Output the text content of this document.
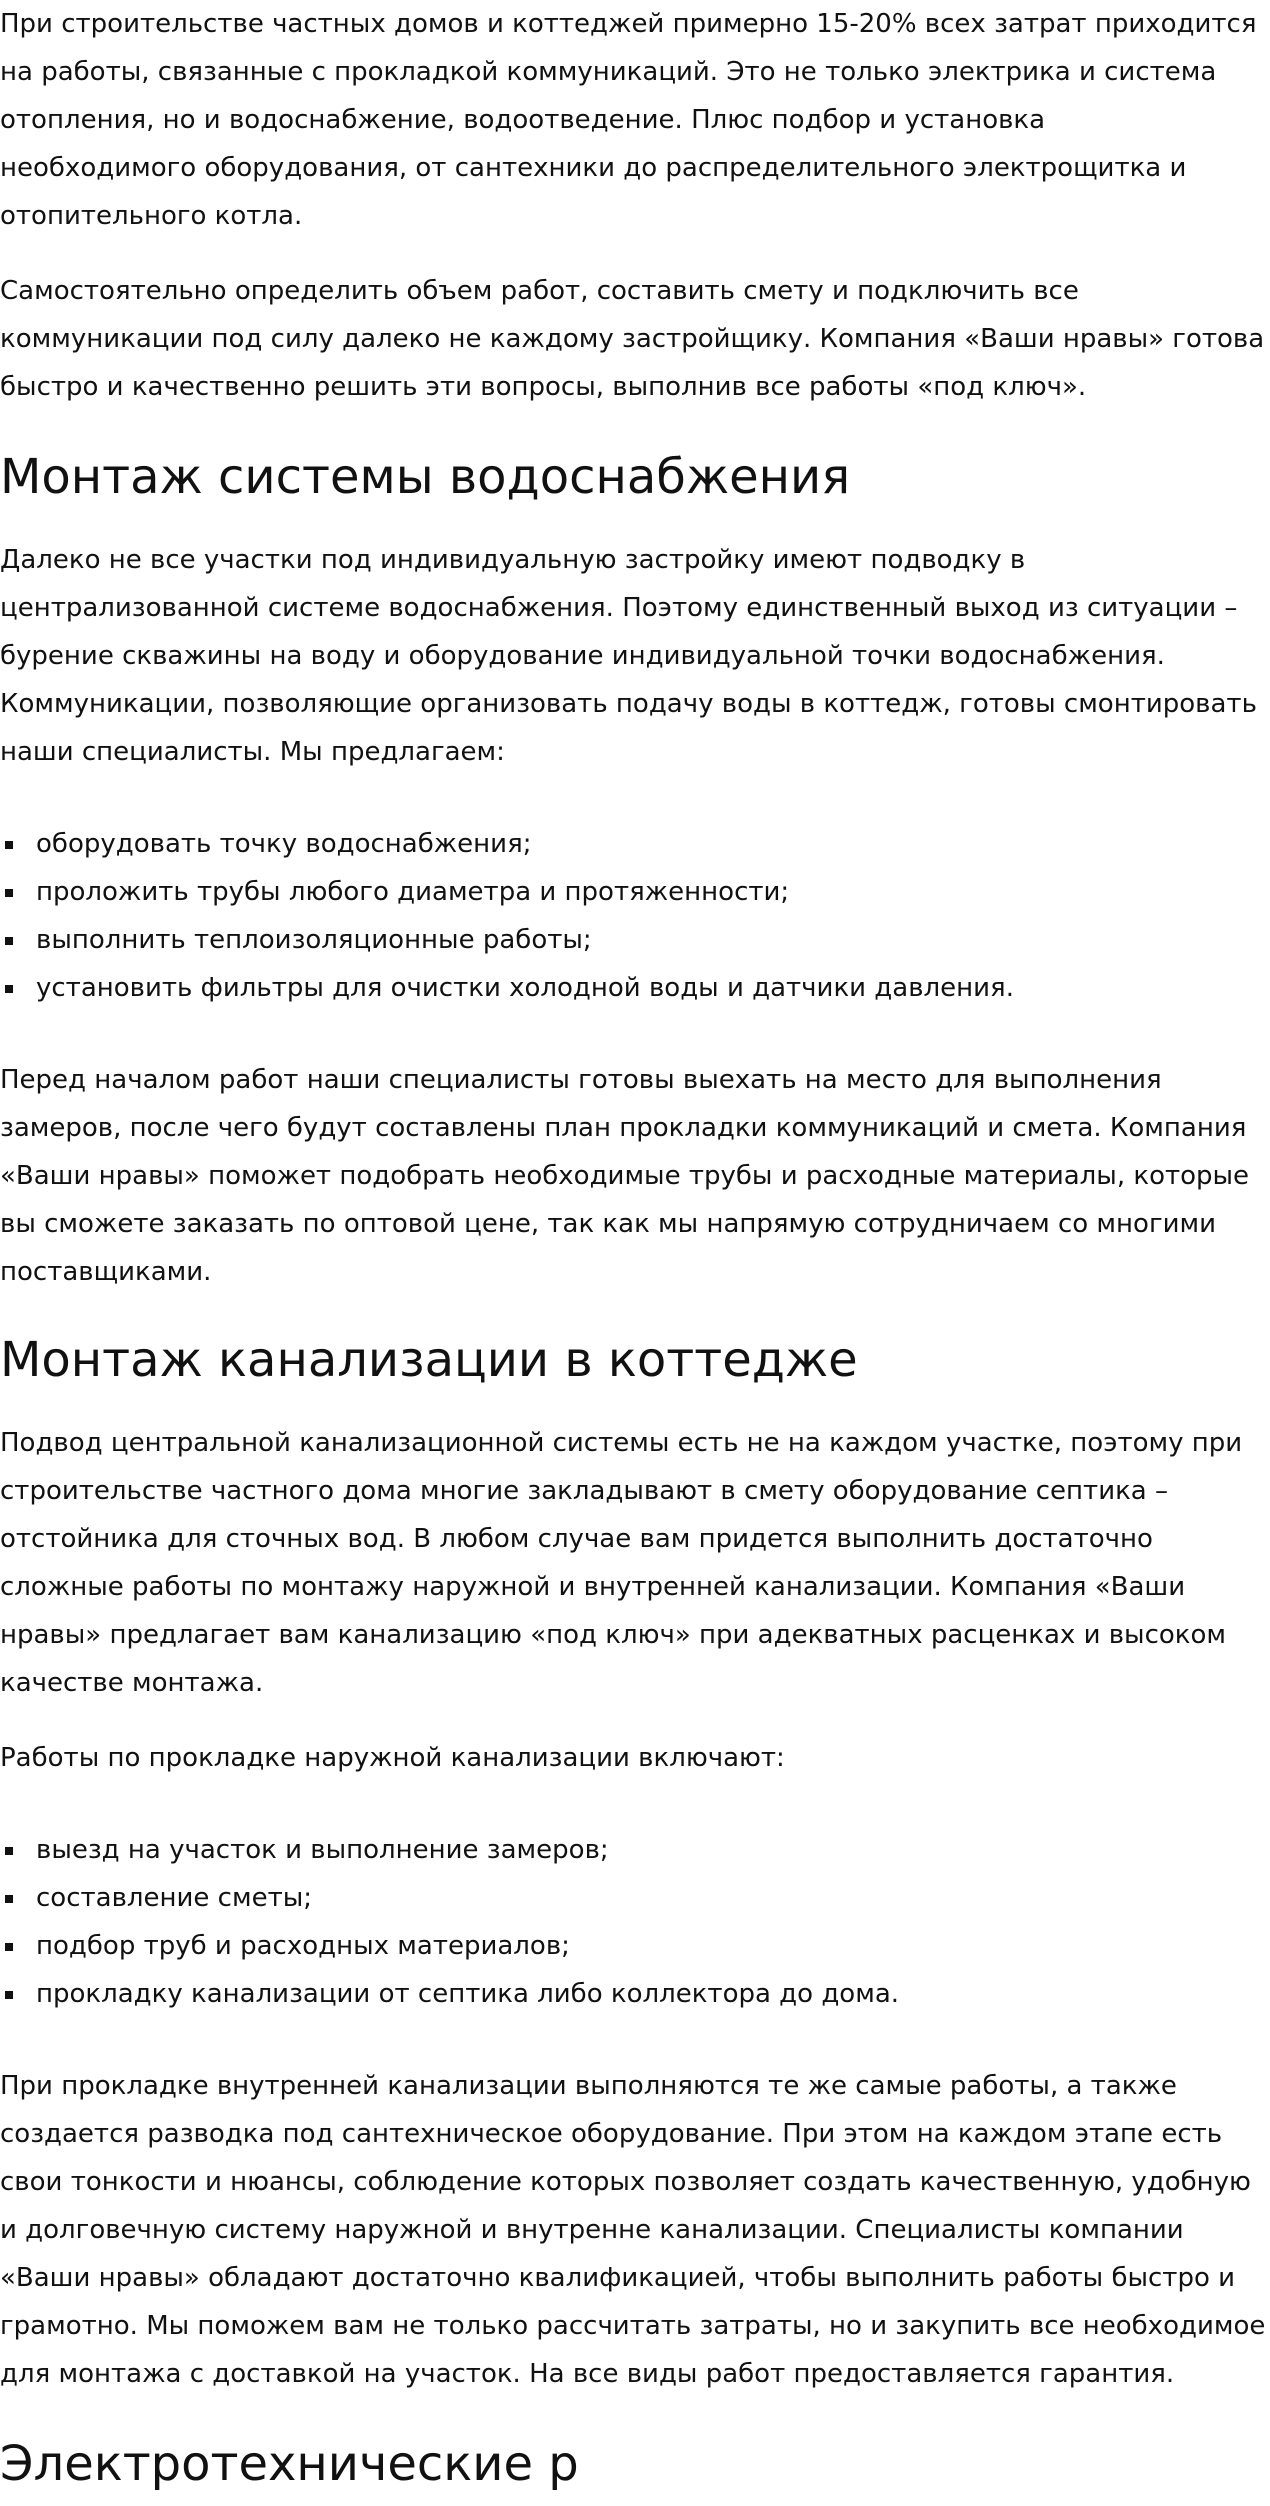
При строительстве частных домов и коттеджей примерно 15-20% всех затрат приходится
на работы, связанные с прокладкой коммуникаций. Это не только электрика и система
отопления, но и водоснабжение, водоотведение. Плюс подбор и установка
необходимого оборудования, от сантехники до распределительного электрощитка и
отопительного котла.

Самостоятельно определить объем работ, составить смету и подключить все
коммуникации под силу далеко не каждому застройщику. Компания «Ваши нравы» готова
быстро и качественно решить эти вопросы, выполнив все работы «под ключ».

Монтаж системы водоснабжения

Далеко не все участки под индивидуальную застройку имеют подводку в
централизованной системе водоснабжения. Поэтому единственный выход из ситуации –
бурение скважины на воду и оборудование индивидуальной точки водоснабжения.
Коммуникации, позволяющие организовать подачу воды в коттедж, готовы смонтировать
наши специалисты. Мы предлагаем:

оборудовать точку водоснабжения;
проложить трубы любого диаметра и протяженности;
выполнить теплоизоляционные работы;
установить фильтры для очистки холодной воды и датчики давления.

Перед началом работ наши специалисты готовы выехать на место для выполнения
замеров, после чего будут составлены план прокладки коммуникаций и смета. Компания
«Ваши нравы» поможет подобрать необходимые трубы и расходные материалы, которые
вы сможете заказать по оптовой цене, так как мы напрямую сотрудничаем со многими
поставщиками.

Монтаж канализации в коттедже

Подвод центральной канализационной системы есть не на каждом участке, поэтому при
строительстве частного дома многие закладывают в смету оборудование септика –
отстойника для сточных вод. В любом случае вам придется выполнить достаточно
сложные работы по монтажу наружной и внутренней канализации. Компания «Ваши
нравы» предлагает вам канализацию «под ключ» при адекватных расценках и высоком
качестве монтажа.

Работы по прокладке наружной канализации включают:

выезд на участок и выполнение замеров;
составление сметы;
подбор труб и расходных материалов;
прокладку канализации от септика либо коллектора до дома.

При прокладке внутренней канализации выполняются те же самые работы, а также
создается разводка под сантехническое оборудование. При этом на каждом этапе есть
свои тонкости и нюансы, соблюдение которых позволяет создать качественную, удобную
и долговечную систему наружной и внутренне канализации. Специалисты компании
«Ваши нравы» обладают достаточно квалификацией, чтобы выполнить работы быстро и
грамотно. Мы поможем вам не только рассчитать затраты, но и закупить все необходимое
для монтажа с доставкой на участок. На все виды работ предоставляется гарантия.

Электротехнические р
